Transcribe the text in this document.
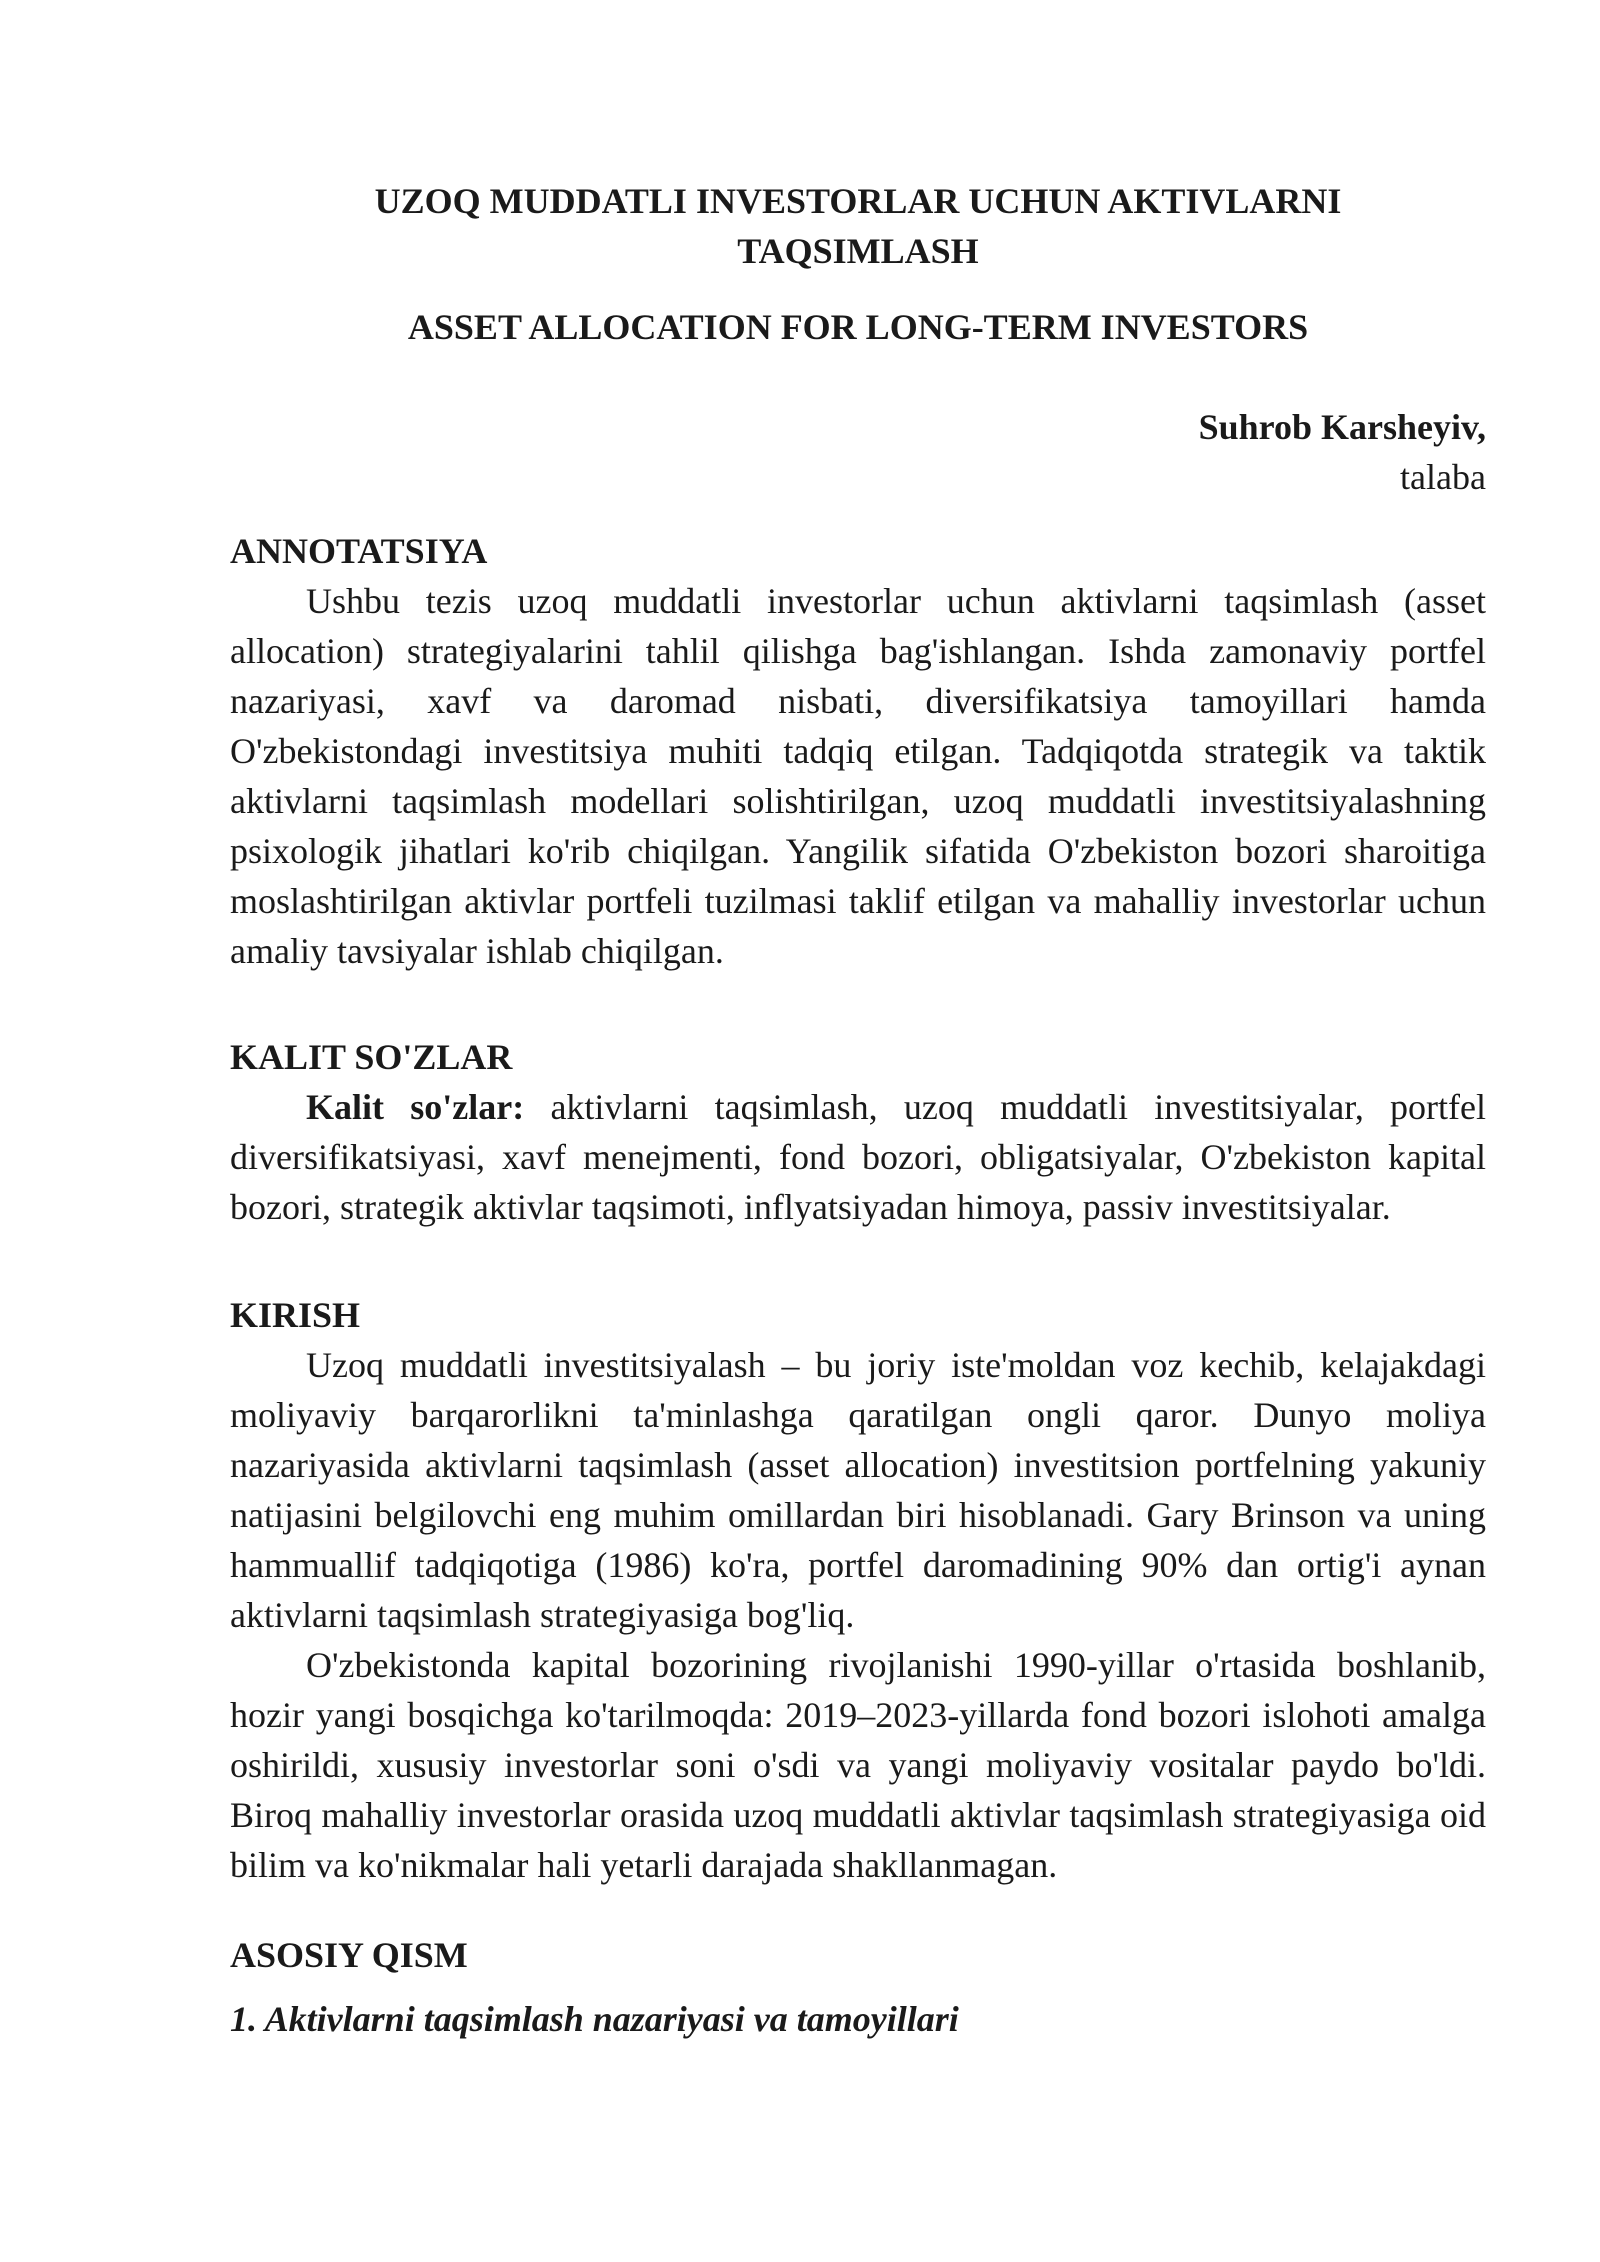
UZOQ MUDDATLI INVESTORLAR UCHUN AKTIVLARNI
TAQSIMLASH
ASSET ALLOCATION FOR LONG-TERM INVESTORS
Suhrob Karsheyiv,
talaba
ANNOTATSIYA

Ushbu tezis uzoq muddatli investorlar uchun aktivlarni taqsimlash (asset allocation) strategiyalarini tahlil qilishga bag'ishlangan. Ishda zamonaviy portfel nazariyasi, xavf va daromad nisbati, diversifikatsiya tamoyillari hamda O'zbekistondagi investitsiya muhiti tadqiq etilgan. Tadqiqotda strategik va taktik aktivlarni taqsimlash modellari solishtirilgan, uzoq muddatli investitsiyalashning psixologik jihatlari ko'rib chiqilgan. Yangilik sifatida O'zbekiston bozori sharoitiga moslashtirilgan aktivlar portfeli tuzilmasi taklif etilgan va mahalliy investorlar uchun amaliy tavsiyalar ishlab chiqilgan.

KALIT SO'ZLAR

Kalit so'zlar: aktivlarni taqsimlash, uzoq muddatli investitsiyalar, portfel diversifikatsiyasi, xavf menejmenti, fond bozori, obligatsiyalar, O'zbekiston kapital bozori, strategik aktivlar taqsimoti, inflyatsiyadan himoya, passiv investitsiyalar.

KIRISH

Uzoq muddatli investitsiyalash – bu joriy iste'moldan voz kechib, kelajakdagi moliyaviy barqarorlikni ta'minlashga qaratilgan ongli qaror. Dunyo moliya nazariyasida aktivlarni taqsimlash (asset allocation) investitsion portfelning yakuniy natijasini belgilovchi eng muhim omillardan biri hisoblanadi. Gary Brinson va uning hammuallif tadqiqotiga (1986) ko'ra, portfel daromadining 90% dan ortig'i aynan aktivlarni taqsimlash strategiyasiga bog'liq.

O'zbekistonda kapital bozorining rivojlanishi 1990-yillar o'rtasida boshlanib, hozir yangi bosqichga ko'tarilmoqda: 2019–2023-yillarda fond bozori islohoti amalga oshirildi, xususiy investorlar soni o'sdi va yangi moliyaviy vositalar paydo bo'ldi. Biroq mahalliy investorlar orasida uzoq muddatli aktivlar taqsimlash strategiyasiga oid bilim va ko'nikmalar hali yetarli darajada shakllanmagan.

ASOSIY QISM
1. Aktivlarni taqsimlash nazariyasi va tamoyillari
